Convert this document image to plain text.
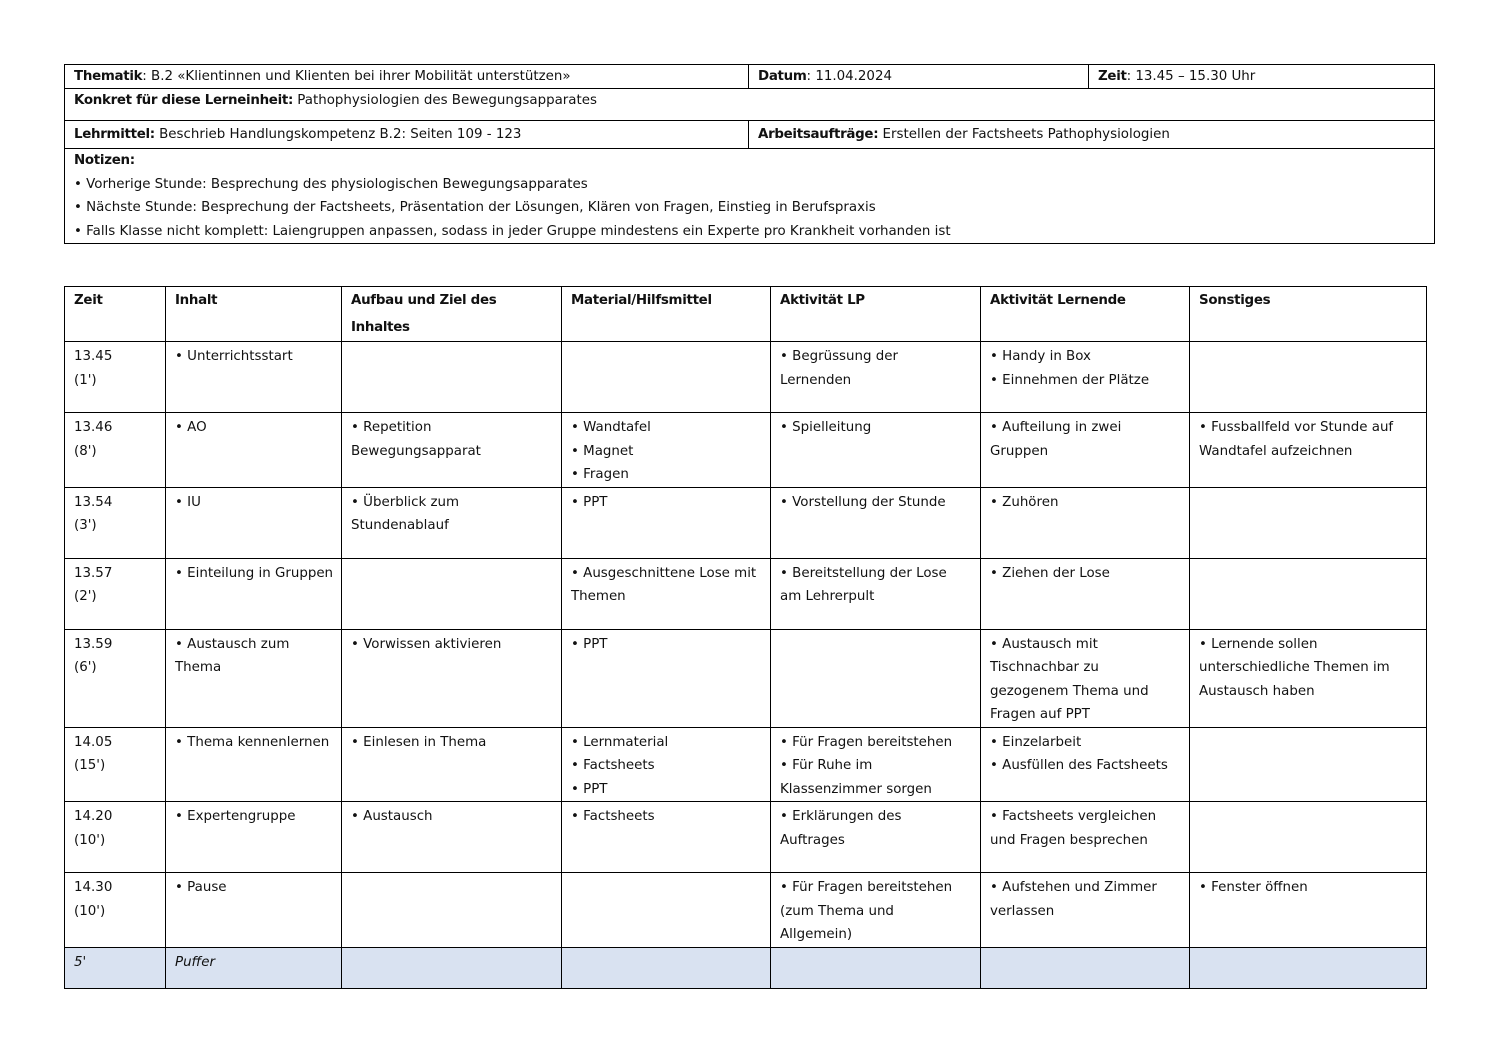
Thematik: B.2 «Klientinnen und Klienten bei ihrer Mobilität unterstützen»	Datum: 11.04.2024	Zeit: 13.45 – 15.30 Uhr
Konkret für diese Lerneinheit: Pathophysiologien des Bewegungsapparates		
Lehrmittel: Beschrieb Handlungskompetenz B.2: Seiten 109 - 123	Arbeitsaufträge: Erstellen der Factsheets Pathophysiologien	

Notizen:
• Vorherige Stunde: Besprechung des physiologischen Bewegungsapparates
• Nächste Stunde: Besprechung der Factsheets, Präsentation der Lösungen, Klären von Fragen, Einstieg in Berufspraxis
• Falls Klasse nicht komplett: Laiengruppen anpassen, sodass in jeder Gruppe mindestens ein Experte pro Krankheit vorhanden ist		
Zeit	Inhalt	Aufbau und Ziel des Inhaltes	Material/Hilfsmittel	Aktivität LP	Aktivität Lernende	Sonstiges

13.45
(1')	• Unterrichtsstart			• Begrüssung der
Lernenden	• Handy in Box
• Einnehmen der Plätze	

13.46
(8')	• AO	• Repetition
Bewegungsapparat	• Wandtafel
• Magnet
• Fragen	• Spielleitung	• Aufteilung in zwei
Gruppen	• Fussballfeld vor Stunde auf
Wandtafel aufzeichnen

13.54
(3')	• IU	• Überblick zum
Stundenablauf	• PPT	• Vorstellung der Stunde	• Zuhören	

13.57
(2')	• Einteilung in Gruppen		• Ausgeschnittene Lose mit
Themen	• Bereitstellung der Lose
am Lehrerpult	• Ziehen der Lose	

13.59
(6')	• Austausch zum
Thema	• Vorwissen aktivieren	• PPT		• Austausch mit
Tischnachbar zu
gezogenem Thema und
Fragen auf PPT	• Lernende sollen
unterschiedliche Themen im
Austausch haben

14.05
(15')	• Thema kennenlernen	• Einlesen in Thema	• Lernmaterial
• Factsheets
• PPT	• Für Fragen bereitstehen
• Für Ruhe im
Klassenzimmer sorgen	• Einzelarbeit
• Ausfüllen des Factsheets	

14.20
(10')	• Expertengruppe	• Austausch	• Factsheets	• Erklärungen des
Auftrages	• Factsheets vergleichen
und Fragen besprechen	

14.30
(10')	• Pause			• Für Fragen bereitstehen
(zum Thema und
Allgemein)	• Aufstehen und Zimmer
verlassen	• Fenster öffnen

5'	Puffer					
